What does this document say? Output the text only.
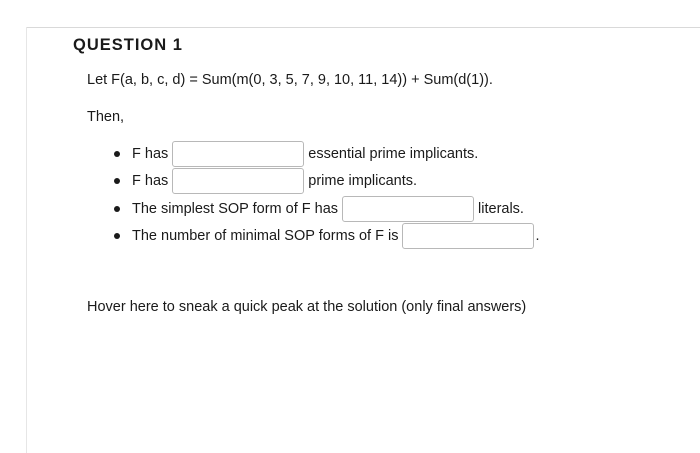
QUESTION 1
Let F(a, b, c, d) = Sum(m(0, 3, 5, 7, 9, 10, 11, 14)) + Sum(d(1)).
Then,
F has	essential prime implicants.
F has	prime implicants.
The simplest SOP form of F has	literals.
The number of minimal SOP forms of F is	.
Hover here to sneak a quick peak at the solution (only final answers)
